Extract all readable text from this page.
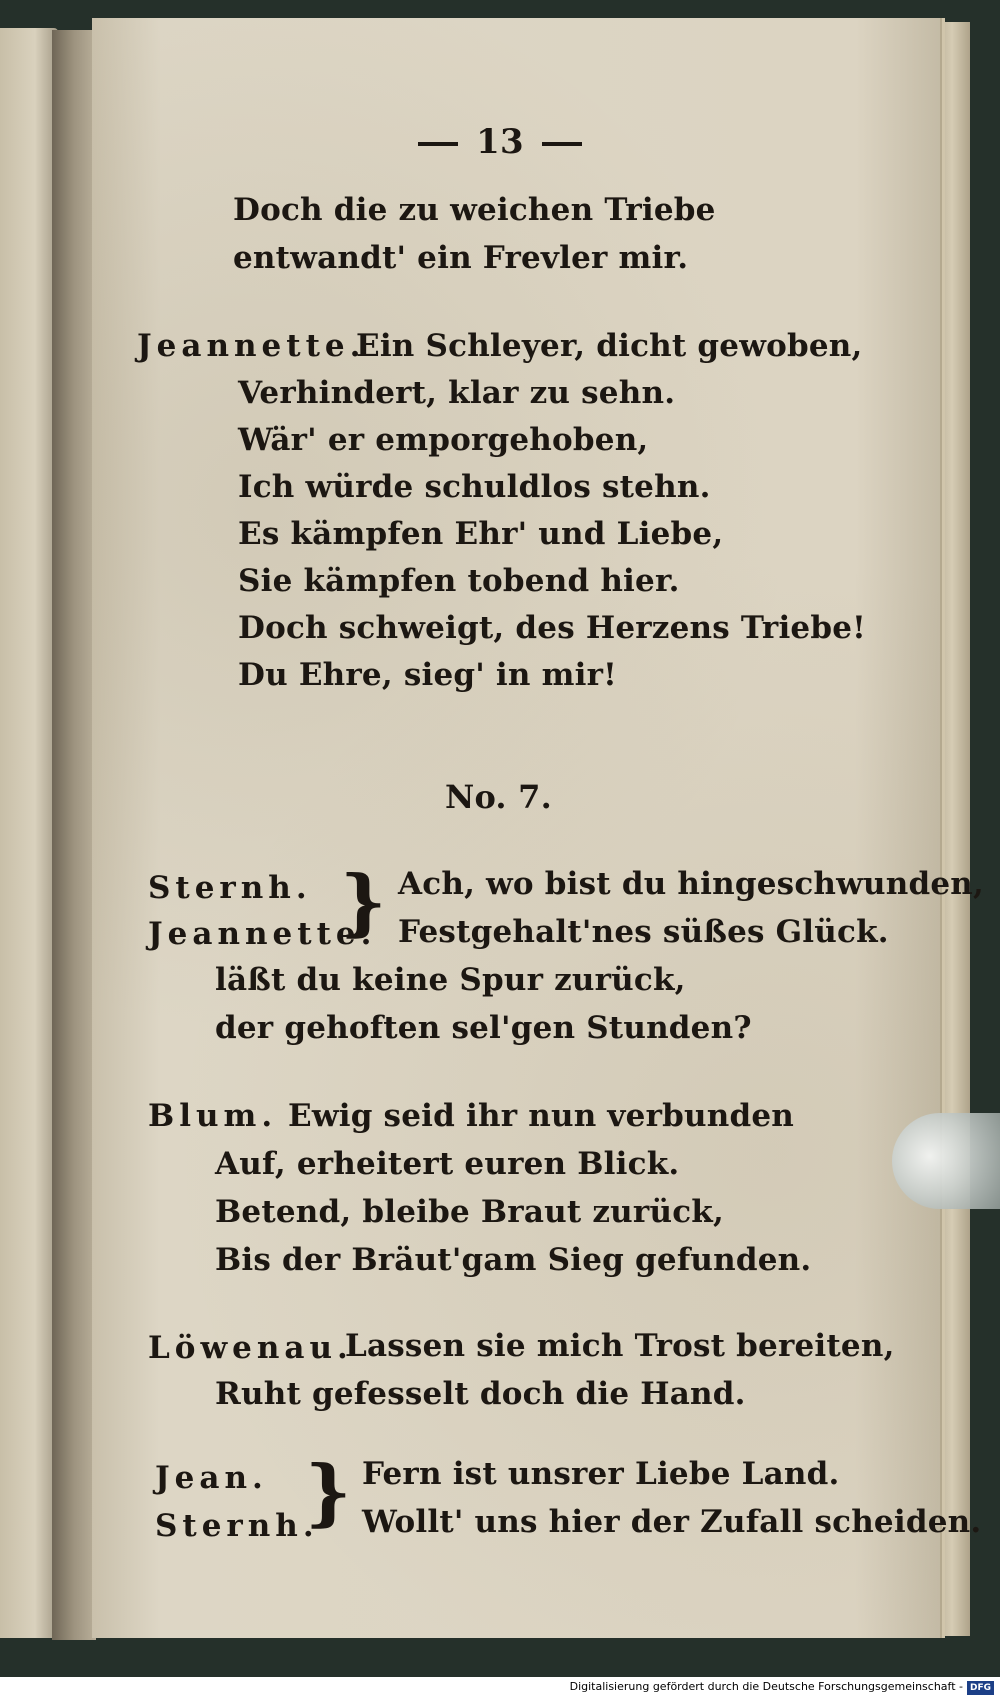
13
Doch die zu weichen Triebe
entwandt' ein Frevler mir.
Jeannette.
Ein Schleyer, dicht gewoben,
Verhindert, klar zu sehn.
Wär' er emporgehoben,
Ich würde schuldlos stehn.
Es kämpfen Ehr' und Liebe,
Sie kämpfen tobend hier.
Doch schweigt, des Herzens Triebe!
Du Ehre, sieg' in mir!
No. 7.
Sternh.
Jeannette.
} Ach, wo bist du hingeschwunden,
Festgehalt'nes süßes Glück.
läßt du keine Spur zurück,
der gehoften sel'gen Stunden?
Blum. Ewig seid ihr nun verbunden
Auf, erheitert euren Blick.
Betend, bleibe Braut zurück,
Bis der Bräut'gam Sieg gefunden.
Löwenau.
Lassen sie mich Trost bereiten,
Ruht gefesselt doch die Hand.
Jean.
Sternh.
} Fern ist unsrer Liebe Land.
Wollt' uns hier der Zufall scheiden.
Digitalisierung gefördert durch die Deutsche Forschungsgemeinschaft - DFG
